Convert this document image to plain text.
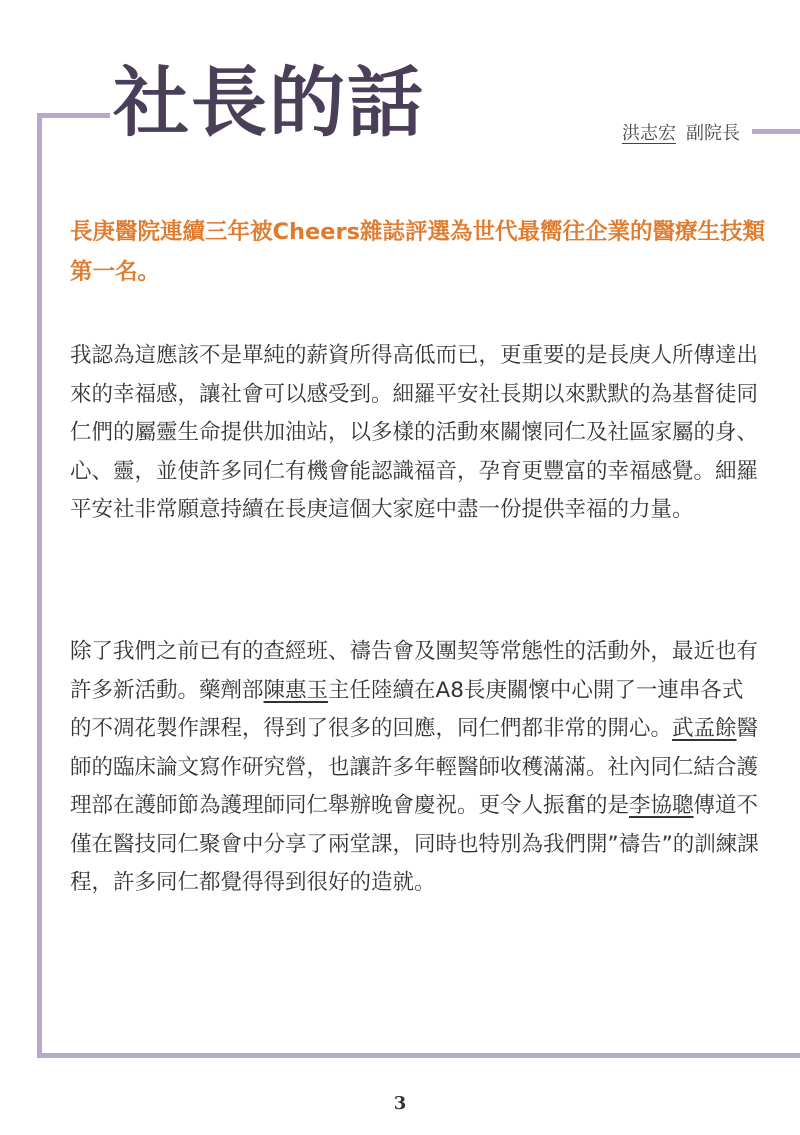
社長的話	洪志宏 副院長

長庚醫院連續三年被Cheers雜誌評選為世代最嚮往企業的醫療生技類第一名。

我認為這應該不是單純的薪資所得高低而已，更重要的是長庚人所傳達出來的幸福感，讓社會可以感受到。細羅平安社長期以來默默的為基督徒同仁們的屬靈生命提供加油站，以多樣的活動來關懷同仁及社區家屬的身、心、靈，並使許多同仁有機會能認識福音，孕育更豐富的幸福感覺。細羅平安社非常願意持續在長庚這個大家庭中盡一份提供幸福的力量。

除了我們之前已有的查經班、禱告會及團契等常態性的活動外，最近也有許多新活動。藥劑部陳惠玉主任陸續在A8長庚關懷中心開了一連串各式的不凋花製作課程，得到了很多的回應，同仁們都非常的開心。武孟餘醫師的臨床論文寫作研究營，也讓許多年輕醫師收穫滿滿。社內同仁結合護理部在護師節為護理師同仁舉辦晚會慶祝。更令人振奮的是李協聰傳道不僅在醫技同仁聚會中分享了兩堂課，同時也特別為我們開”禱告”的訓練課程，許多同仁都覺得得到很好的造就。

3
